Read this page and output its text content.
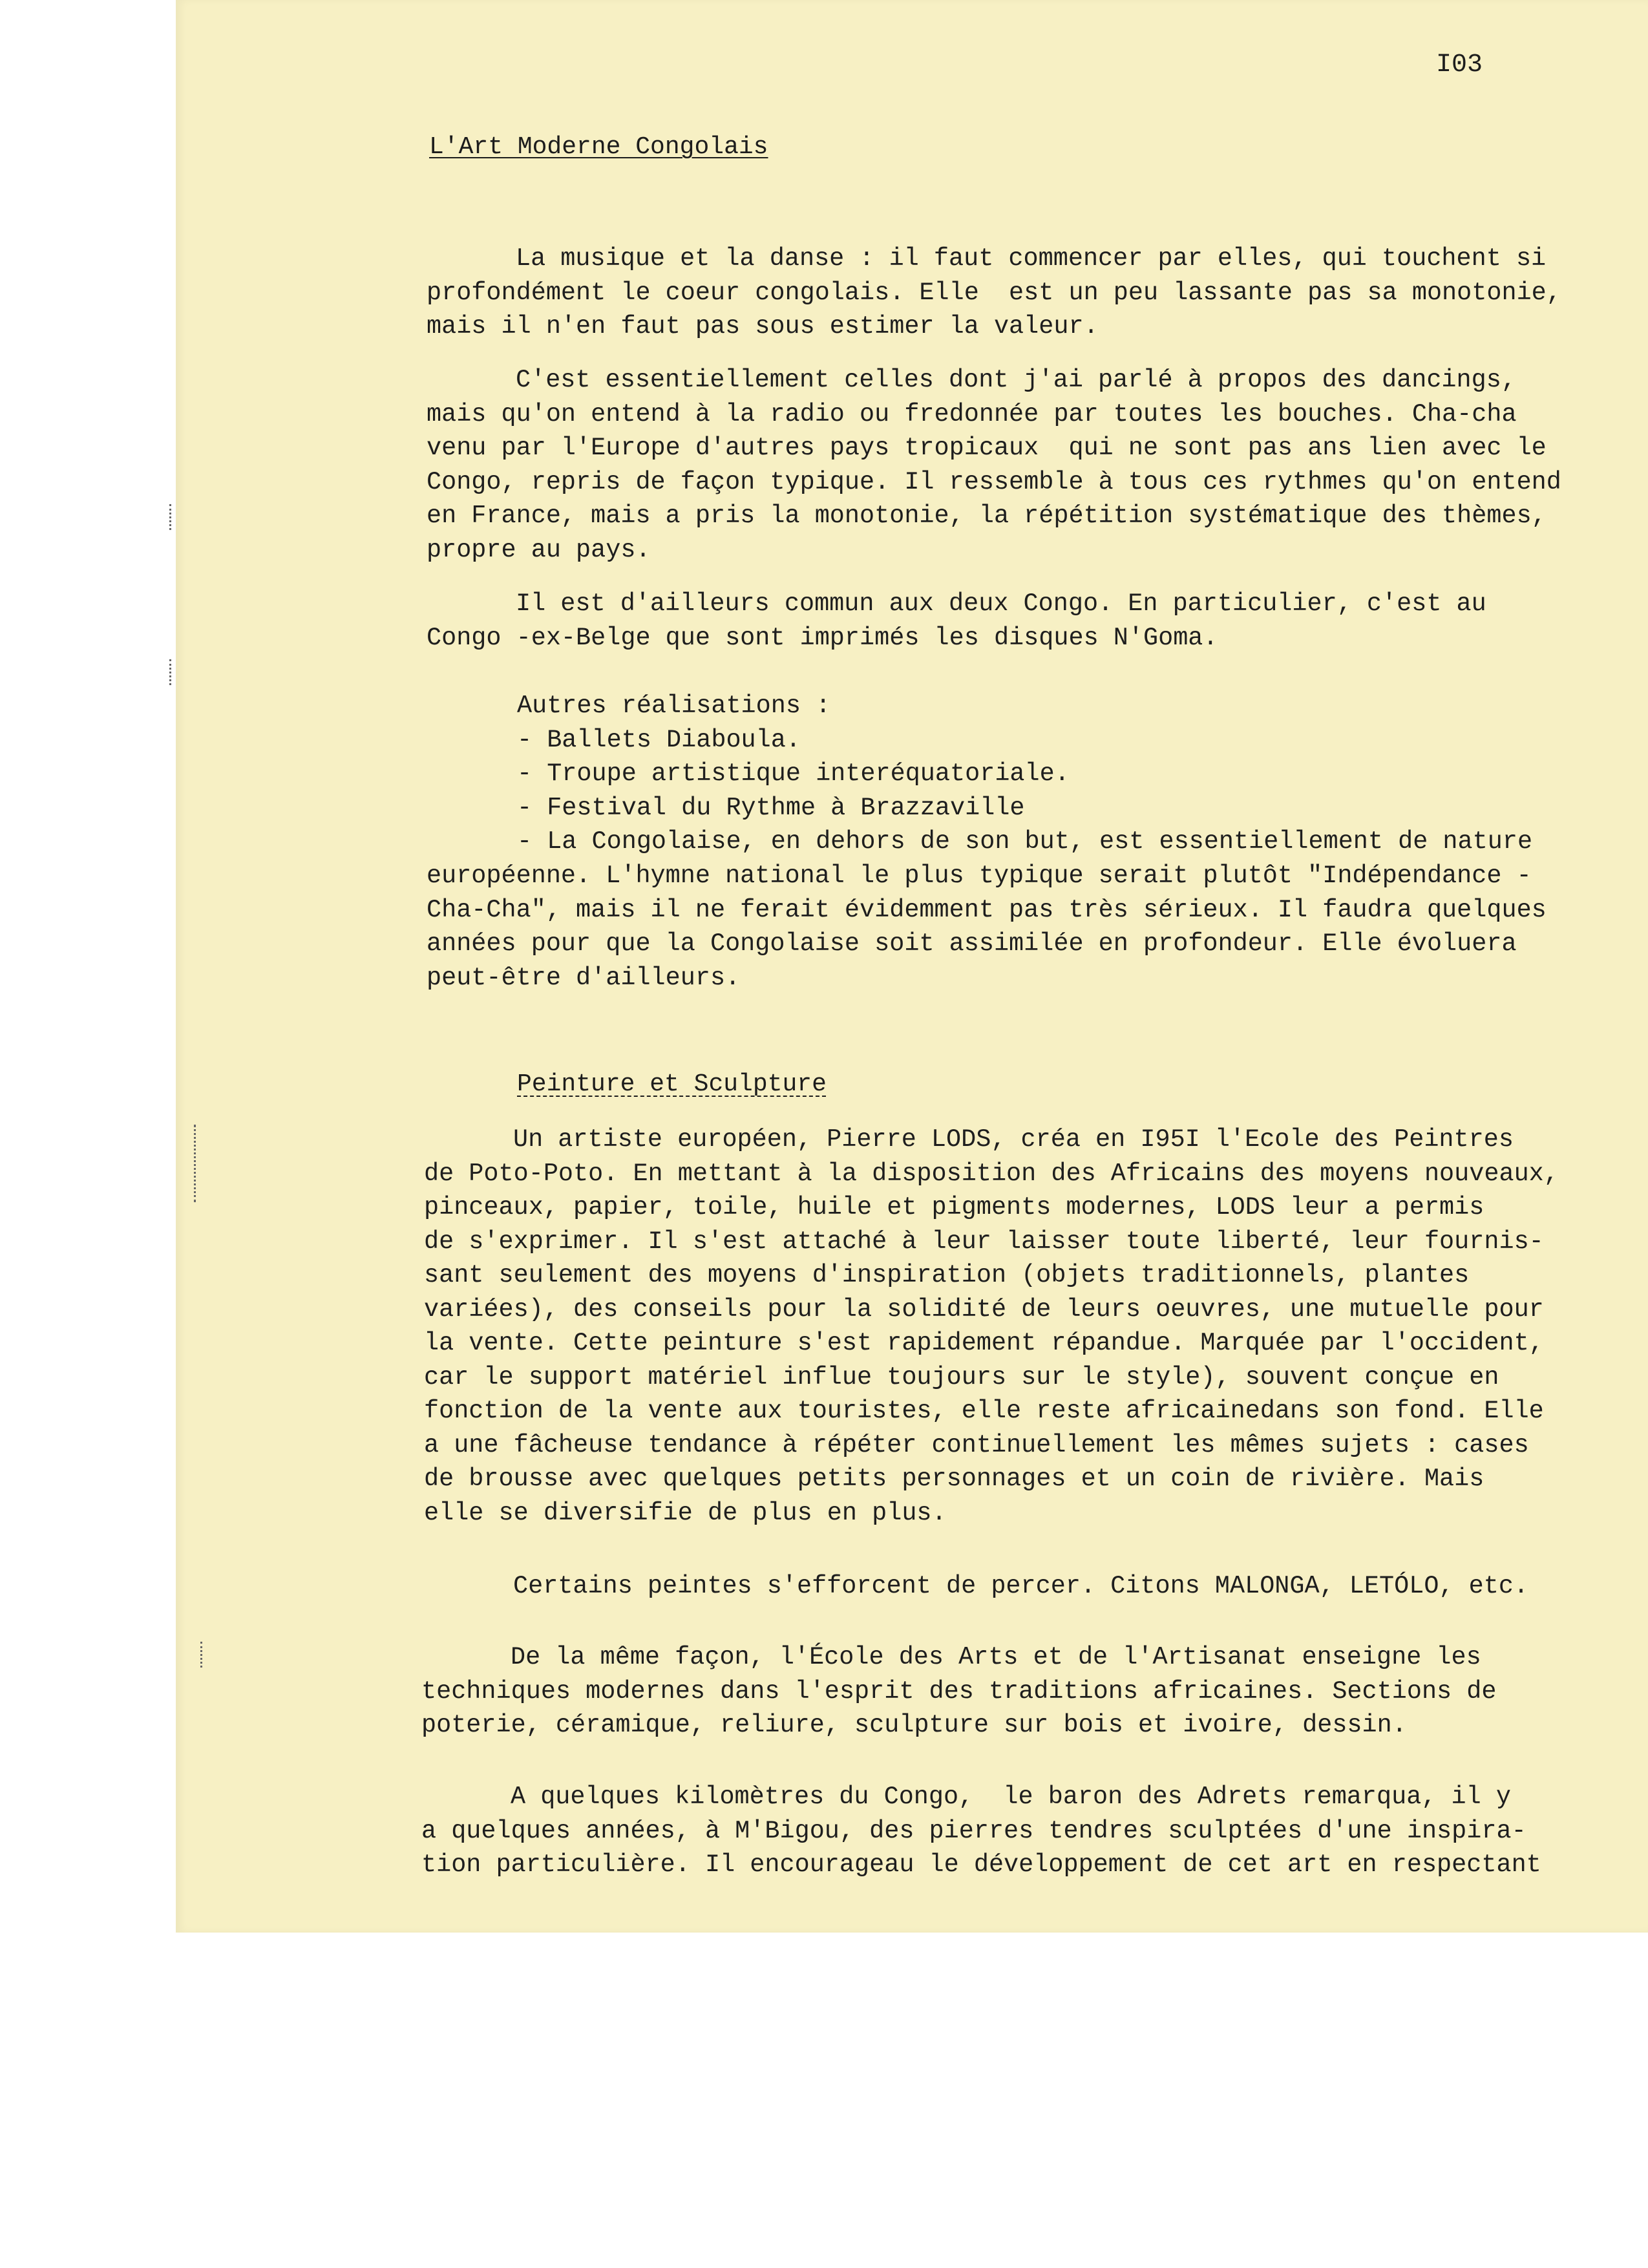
I03
L'Art Moderne Congolais

La musique et la danse : il faut commencer par elles, qui touchent si

profondément le coeur congolais. Elle  est un peu lassante pas sa monotonie,

mais il n'en faut pas sous estimer la valeur.

C'est essentiellement celles dont j'ai parlé à propos des dancings,

mais qu'on entend à la radio ou fredonnée par toutes les bouches. Cha-cha

venu par l'Europe d'autres pays tropicaux  qui ne sont pas ans lien avec le

Congo, repris de façon typique. Il ressemble à tous ces rythmes qu'on entend

en France, mais a pris la monotonie, la répétition systématique des thèmes,

propre au pays.

Il est d'ailleurs commun aux deux Congo. En particulier, c'est au

Congo -ex-Belge que sont imprimés les disques N'Goma.

Autres réalisations :

- Ballets Diaboula.

- Troupe artistique interéquatoriale.

- Festival du Rythme à Brazzaville

- La Congolaise, en dehors de son but, est essentiellement de nature

européenne. L'hymne national le plus typique serait plutôt "Indépendance -

Cha-Cha", mais il ne ferait évidemment pas très sérieux. Il faudra quelques

années pour que la Congolaise soit assimilée en profondeur. Elle évoluera

peut-être d'ailleurs.

Peinture et Sculpture

Un artiste européen, Pierre LODS, créa en I95I l'Ecole des Peintres

de Poto-Poto. En mettant à la disposition des Africains des moyens nouveaux,

pinceaux, papier, toile, huile et pigments modernes, LODS leur a permis

de s'exprimer. Il s'est attaché à leur laisser toute liberté, leur fournis-

sant seulement des moyens d'inspiration (objets traditionnels, plantes

variées), des conseils pour la solidité de leurs oeuvres, une mutuelle pour

la vente. Cette peinture s'est rapidement répandue. Marquée par l'occident,

car le support matériel influe toujours sur le style), souvent conçue en

fonction de la vente aux touristes, elle reste africainedans son fond. Elle

a une fâcheuse tendance à répéter continuellement les mêmes sujets : cases

de brousse avec quelques petits personnages et un coin de rivière. Mais

elle se diversifie de plus en plus.

Certains peintes s'efforcent de percer. Citons MALONGA, LETÓLO, etc.

De la même façon, l'École des Arts et de l'Artisanat enseigne les

techniques modernes dans l'esprit des traditions africaines. Sections de

poterie, céramique, reliure, sculpture sur bois et ivoire, dessin.

A quelques kilomètres du Congo,  le baron des Adrets remarqua, il y

a quelques années, à M'Bigou, des pierres tendres sculptées d'une inspira-

tion particulière. Il encourageau le développement de cet art en respectant
